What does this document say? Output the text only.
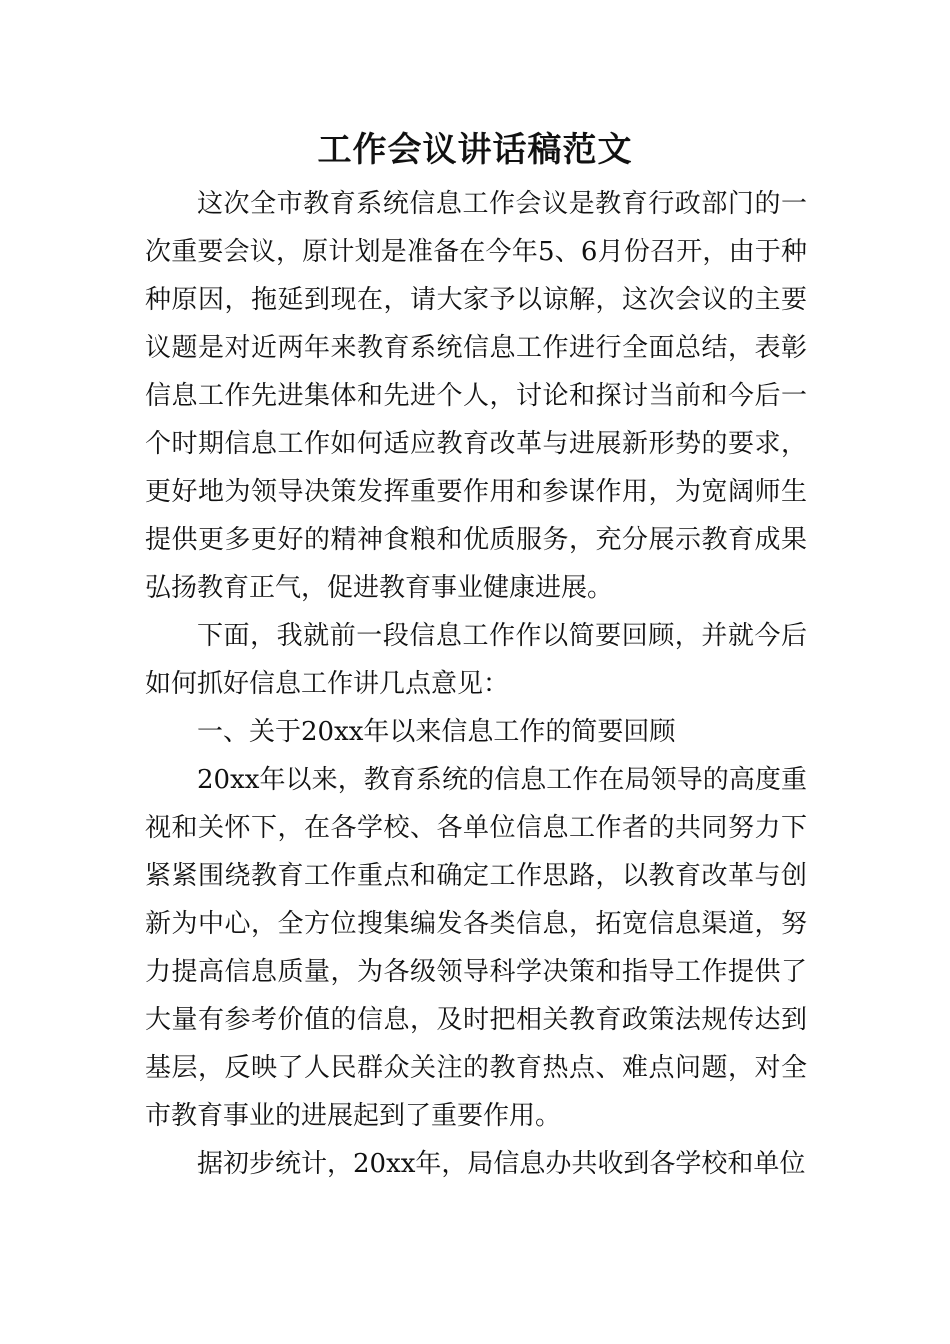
工作会议讲话稿范文

这次全市教育系统信息工作会议是教育行政部门的一次重要会议，原计划是准备在今年5、6月份召开，由于种种原因，拖延到现在，请大家予以谅解，这次会议的主要议题是对近两年来教育系统信息工作进行全面总结，表彰信息工作先进集体和先进个人，讨论和探讨当前和今后一个时期信息工作如何适应教育改革与进展新形势的要求，更好地为领导决策发挥重要作用和参谋作用，为宽阔师生提供更多更好的精神食粮和优质服务，充分展示教育成果弘扬教育正气，促进教育事业健康进展。

下面，我就前一段信息工作作以简要回顾，并就今后如何抓好信息工作讲几点意见：

一、关于20xx年以来信息工作的简要回顾

20xx年以来，教育系统的信息工作在局领导的高度重视和关怀下，在各学校、各单位信息工作者的共同努力下紧紧围绕教育工作重点和确定工作思路，以教育改革与创新为中心，全方位搜集编发各类信息，拓宽信息渠道，努力提高信息质量，为各级领导科学决策和指导工作提供了大量有参考价值的信息，及时把相关教育政策法规传达到基层，反映了人民群众关注的教育热点、难点问题，对全市教育事业的进展起到了重要作用。

据初步统计，20xx年，局信息办共收到各学校和单位
